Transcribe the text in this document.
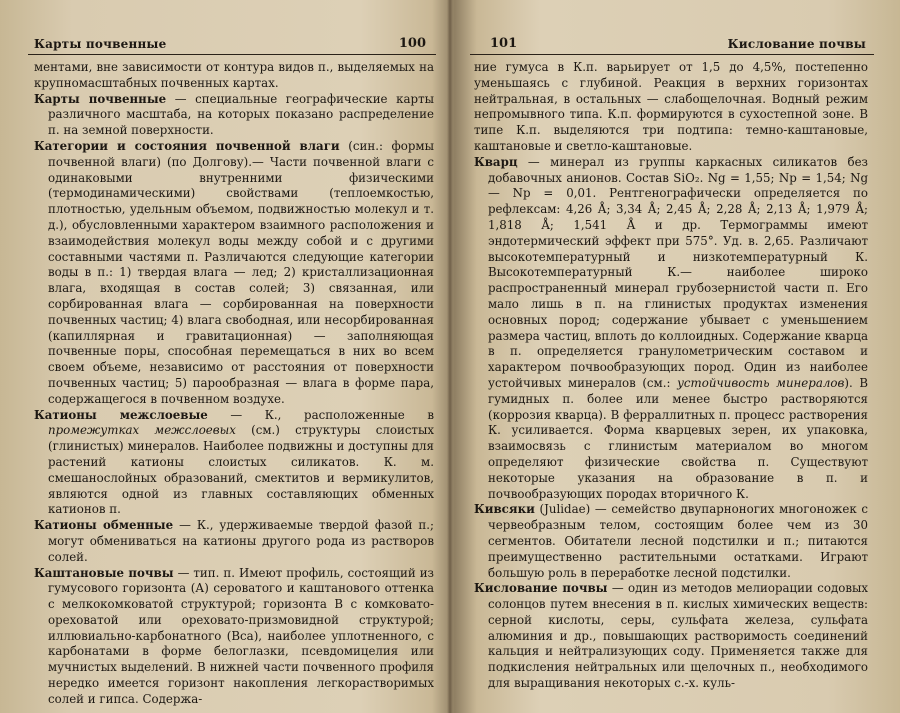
Карты почвенные	100

ментами, вне зависимости от контура видов п., выделяемых на крупномасштабных почвенных картах.

Карты почвенные — специальные географические карты различного масштаба, на которых показано распределение п. на земной поверхности.

Категории и состояния почвенной влаги (син.: формы почвенной влаги) (по Долгову).— Части почвенной влаги с одинаковыми внутренними физическими (термодинамическими) свойствами (теплоемкостью, плотностью, удельным объемом, подвижностью молекул и т. д.), обусловленными характером взаимного расположения и взаимодействия молекул воды между собой и с другими составными частями п. Различаются следующие категории воды в п.: 1) твердая влага — лед; 2) кристаллизационная влага, входящая в состав солей; 3) связанная, или сорбированная влага — сорбированная на поверхности почвенных частиц; 4) влага свободная, или несорбированная (капиллярная и гравитационная) — заполняющая почвенные поры, способная перемещаться в них во всем своем объеме, независимо от расстояния от поверхности почвенных частиц; 5) парообразная — влага в форме пара, содержащегося в почвенном воздухе.

Катионы межслоевые — К., расположенные в промежутках межслоевых (см.) структуры слоистых (глинистых) минералов. Наиболее подвижны и доступны для растений катионы слоистых силикатов. К. м. смешанослойных образований, смектитов и вермикулитов, являются одной из главных составляющих обменных катионов п.

Катионы обменные — К., удерживаемые твердой фазой п.; могут обмениваться на катионы другого рода из растворов солей.

Каштановые почвы — тип. п. Имеют профиль, состоящий из гумусового горизонта (А) сероватого и каштанового оттенка с мелкокомковатой структурой; горизонта В с комковато-ореховатой или ореховато-призмовидной структурой; иллювиально-карбонатного (Bca), наиболее уплотненного, с карбонатами в форме белоглазки, псевдомицелия или мучнистых выделений. В нижней части почвенного профиля нередко имеется горизонт накопления легкорастворимых солей и гипса. Содержа-

101	Кислование почвы

ние гумуса в К.п. варьирует от 1,5 до 4,5%, постепенно уменьшаясь с глубиной. Реакция в верхних горизонтах нейтральная, в остальных — слабощелочная. Водный режим непромывного типа. К.п. формируются в сухостепной зоне. В типе К.п. выделяются три подтипа: темно-каштановые, каштановые и светло-каштановые.

Кварц — минерал из группы каркасных силикатов без добавочных анионов. Состав SiO₂. Ng = 1,55; Np = 1,54; Ng — Np = 0,01. Рентгенографически определяется по рефлексам: 4,26 Å; 3,34 Å; 2,45 Å; 2,28 Å; 2,13 Å; 1,979 Å; 1,818 Å; 1,541 Å и др. Термограммы имеют эндотермический эффект при 575°. Уд. в. 2,65. Различают высокотемпературный и низкотемпературный К. Высокотемпературный К.— наиболее широко распространенный минерал грубозернистой части п. Его мало лишь в п. на глинистых продуктах изменения основных пород; содержание убывает с уменьшением размера частиц, вплоть до коллоидных. Содержание кварца в п. определяется гранулометрическим составом и характером почвообразующих пород. Один из наиболее устойчивых минералов (см.: устойчивость минералов). В гумидных п. более или менее быстро растворяются (коррозия кварца). В ферраллитных п. процесс растворения К. усиливается. Форма кварцевых зерен, их упаковка, взаимосвязь с глинистым материалом во многом определяют физические свойства п. Существуют некоторые указания на образование в п. и почвообразующих породах вторичного К.

Кивсяки (Julidae) — семейство двупарноногих многоножек с червеобразным телом, состоящим более чем из 30 сегментов. Обитатели лесной подстилки и п.; питаются преимущественно растительными остатками. Играют большую роль в переработке лесной подстилки.

Кислование почвы — один из методов мелиорации содовых солонцов путем внесения в п. кислых химических веществ: серной кислоты, серы, сульфата железа, сульфата алюминия и др., повышающих растворимость соединений кальция и нейтрализующих соду. Применяется также для подкисления нейтральных или щелочных п., необходимого для выращивания некоторых с.-х. куль-
